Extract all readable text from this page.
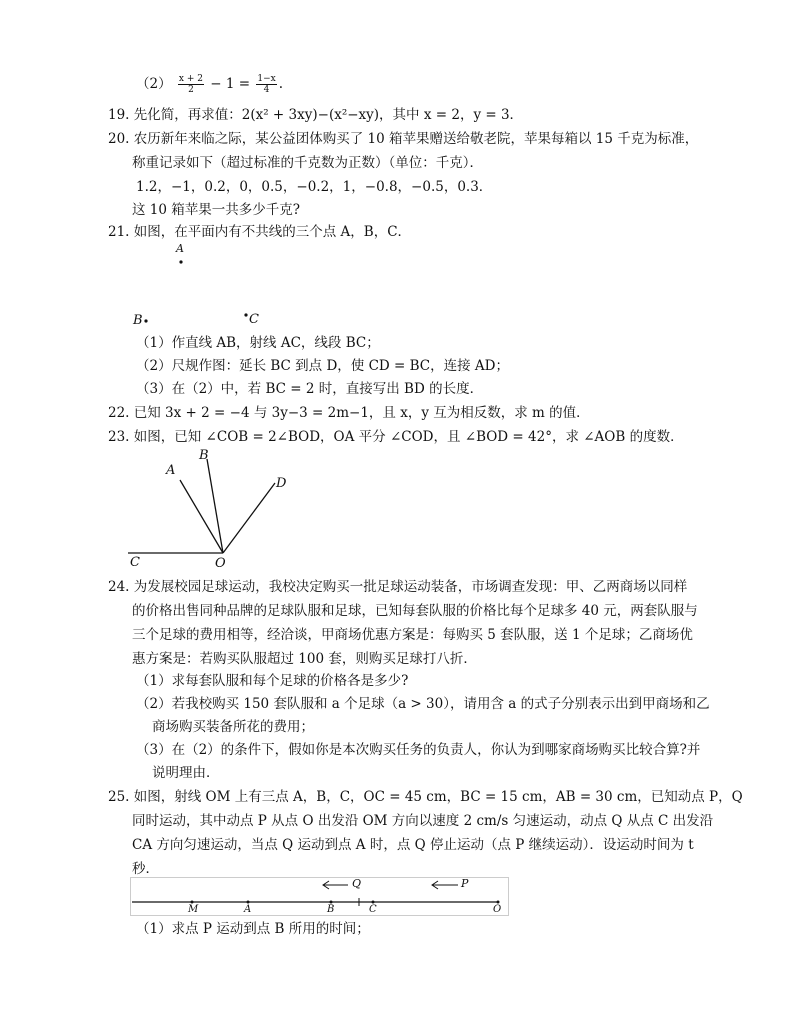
$(2) \frac{x + 2}{2} - 1 = \frac{1-x}{4}$ .
19. 先化简，再求值：2(x² + 3xy)−(x²−xy)，其中 x = 2，y = 3．
20. 农历新年来临之际，某公益团体购买了 10 箱苹果赠送给敬老院，苹果每箱以 15 千克为标准，
称重记录如下（超过标准的千克数为正数）（单位：千克）．
1.2，−1，0.2，0，0.5，−0.2，1，−0.8，−0.5，0.3．
这 10 箱苹果一共多少千克?
21. 如图，在平面内有不共线的三个点 A，B，C．
A
B	C
（1）作直线 AB，射线 AC，线段 BC；
（2）尺规作图：延长 BC 到点 D，使 CD = BC，连接 AD；
（3）在（2）中，若 BC = 2 时，直接写出 BD 的长度．
22. 已知 3x + 2 = −4 与 3y−3 = 2m−1，且 x，y 互为相反数，求 m 的值．
23. 如图，已知 ∠COB = 2∠BOD，OA 平分 ∠COD，且 ∠BOD = 42°，求 ∠AOB 的度数．
A
B
D
C	O
24. 为发展校园足球运动，我校决定购买一批足球运动装备，市场调查发现：甲、乙两商场以同样
的价格出售同种品牌的足球队服和足球，已知每套队服的价格比每个足球多 40 元，两套队服与
三个足球的费用相等，经洽谈，甲商场优惠方案是：每购买 5 套队服，送 1 个足球；乙商场优
惠方案是：若购买队服超过 100 套，则购买足球打八折．
（1）求每套队服和每个足球的价格各是多少?
（2）若我校购买 150 套队服和 a 个足球（a > 30），请用含 a 的式子分别表示出到甲商场和乙
商场购买装备所花的费用；
（3）在（2）的条件下，假如你是本次购买任务的负责人，你认为到哪家商场购买比较合算?并
说明理由．
25. 如图，射线 OM 上有三点 A，B，C，OC = 45 cm，BC = 15 cm，AB = 30 cm，已知动点 P，Q
同时运动，其中动点 P 从点 O 出发沿 OM 方向以速度 2 cm/s 匀速运动，动点 Q 从点 C 出发沿
CA 方向匀速运动，当点 Q 运动到点 A 时，点 Q 停止运动（点 P 继续运动）．设运动时间为 t
秒．
Q	P
M	A	B	C	O
（1）求点 P 运动到点 B 所用的时间；
